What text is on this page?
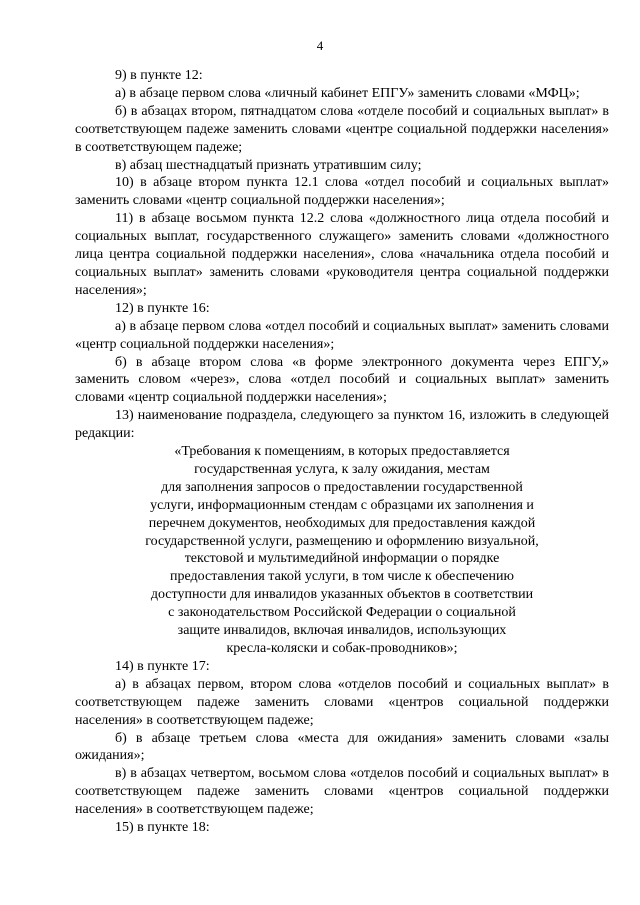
4

9) в пункте 12:

а) в абзаце первом слова «личный кабинет ЕПГУ» заменить словами «МФЦ»;

б) в абзацах втором, пятнадцатом слова «отделе пособий и социальных выплат» в соответствующем падеже заменить словами «центре социальной поддержки населения» в соответствующем падеже;

в) абзац шестнадцатый признать утратившим силу;

10) в абзаце втором пункта 12.1 слова «отдел пособий и социальных выплат» заменить словами «центр социальной поддержки населения»;

11) в абзаце восьмом пункта 12.2 слова «должностного лица отдела пособий и социальных выплат, государственного служащего» заменить словами «должностного лица центра социальной поддержки населения», слова «начальника отдела пособий и социальных выплат» заменить словами «руководителя центра социальной поддержки населения»;

12) в пункте 16:

а) в абзаце первом слова «отдел пособий и социальных выплат» заменить словами «центр социальной поддержки населения»;

б) в абзаце втором слова «в форме электронного документа через ЕПГУ,» заменить словом «через», слова «отдел пособий и социальных выплат» заменить словами «центр социальной поддержки населения»;

13) наименование подраздела, следующего за пунктом 16, изложить в следующей редакции:

«Требования к помещениям, в которых предоставляется
государственная услуга, к залу ожидания, местам
для заполнения запросов о предоставлении государственной
услуги, информационным стендам с образцами их заполнения и
перечнем документов, необходимых для предоставления каждой
государственной услуги, размещению и оформлению визуальной,
текстовой и мультимедийной информации о порядке
предоставления такой услуги, в том числе к обеспечению
доступности для инвалидов указанных объектов в соответствии
с законодательством Российской Федерации о социальной
защите инвалидов, включая инвалидов, использующих
кресла-коляски и собак-проводников»;

14) в пункте 17:

а) в абзацах первом, втором слова «отделов пособий и социальных выплат» в соответствующем падеже заменить словами «центров социальной поддержки населения» в соответствующем падеже;

б) в абзаце третьем слова «места для ожидания» заменить словами «залы ожидания»;

в) в абзацах четвертом, восьмом слова «отделов пособий и социальных выплат» в соответствующем падеже заменить словами «центров социальной поддержки населения» в соответствующем падеже;

15) в пункте 18:
